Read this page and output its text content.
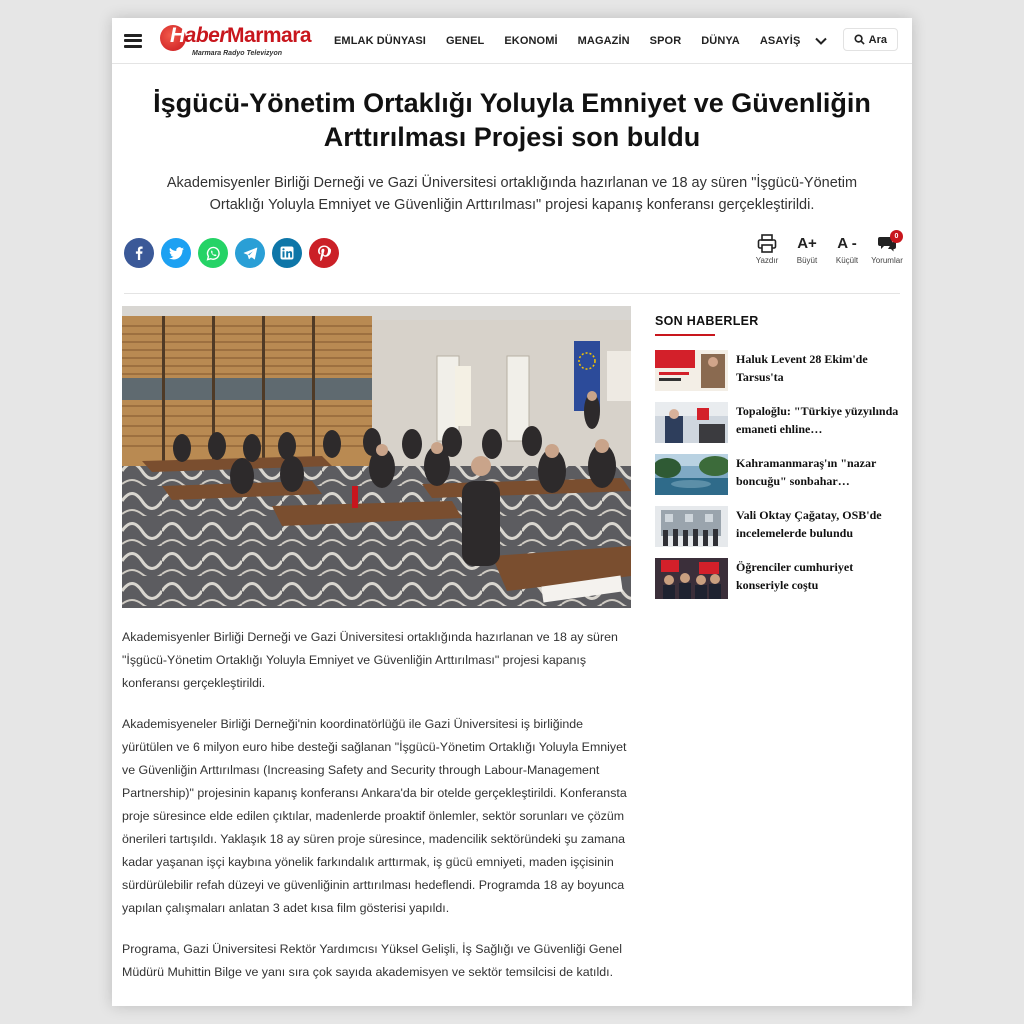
HaberMarmara
Marmara Radyo Televizyon
EMLAK DÜNYASI	GENEL	EKONOMİ	MAGAZİN	SPOR	DÜNYA	ASAYİŞ	Ara
İşgücü-Yönetim Ortaklığı Yoluyla Emniyet ve Güvenliğin Arttırılması Projesi son buldu

Akademisyenler Birliği Derneği ve Gazi Üniversitesi ortaklığında hazırlanan ve 18 ay süren "İşgücü-Yönetim Ortaklığı Yoluyla Emniyet ve Güvenliğin Arttırılması" projesi kapanış konferansı gerçekleştirildi.

Yazdır
A+
Büyüt
A -
Küçült
0
Yorumlar

Akademisyenler Birliği Derneği ve Gazi Üniversitesi ortaklığında hazırlanan ve 18 ay süren "İşgücü-Yönetim Ortaklığı Yoluyla Emniyet ve Güvenliğin Arttırılması" projesi kapanış konferansı gerçekleştirildi.

Akademisyeneler Birliği Derneği'nin koordinatörlüğü ile Gazi Üniversitesi iş birliğinde yürütülen ve 6 milyon euro hibe desteği sağlanan "İşgücü-Yönetim Ortaklığı Yoluyla Emniyet ve Güvenliğin Arttırılması (Increasing Safety and Security through Labour-Management Partnership)" projesinin kapanış konferansı Ankara'da bir otelde gerçekleştirildi. Konferansta proje süresince elde edilen çıktılar, madenlerde proaktif önlemler, sektör sorunları ve çözüm önerileri tartışıldı. Yaklaşık 18 ay süren proje süresince, madencilik sektöründeki şu zamana kadar yaşanan işçi kaybına yönelik farkındalık arttırmak, iş gücü emniyeti, maden işçisinin sürdürülebilir refah düzeyi ve güvenliğinin arttırılması hedeflendi. Programda 18 ay boyunca yapılan çalışmaları anlatan 3 adet kısa film gösterisi yapıldı.

Programa, Gazi Üniversitesi Rektör Yardımcısı Yüksel Gelişli, İş Sağlığı ve Güvenliği Genel Müdürü Muhittin Bilge ve yanı sıra çok sayıda akademisyen ve sektör temsilcisi de katıldı.

SON HABERLER
Haluk Levent 28 Ekim'de Tarsus'ta
Topaloğlu: "Türkiye yüzyılında emaneti ehline…
Kahramanmaraş'ın "nazar boncuğu" sonbahar…
Vali Oktay Çağatay, OSB'de incelemelerde bulundu
Öğrenciler cumhuriyet konseriyle coştu
